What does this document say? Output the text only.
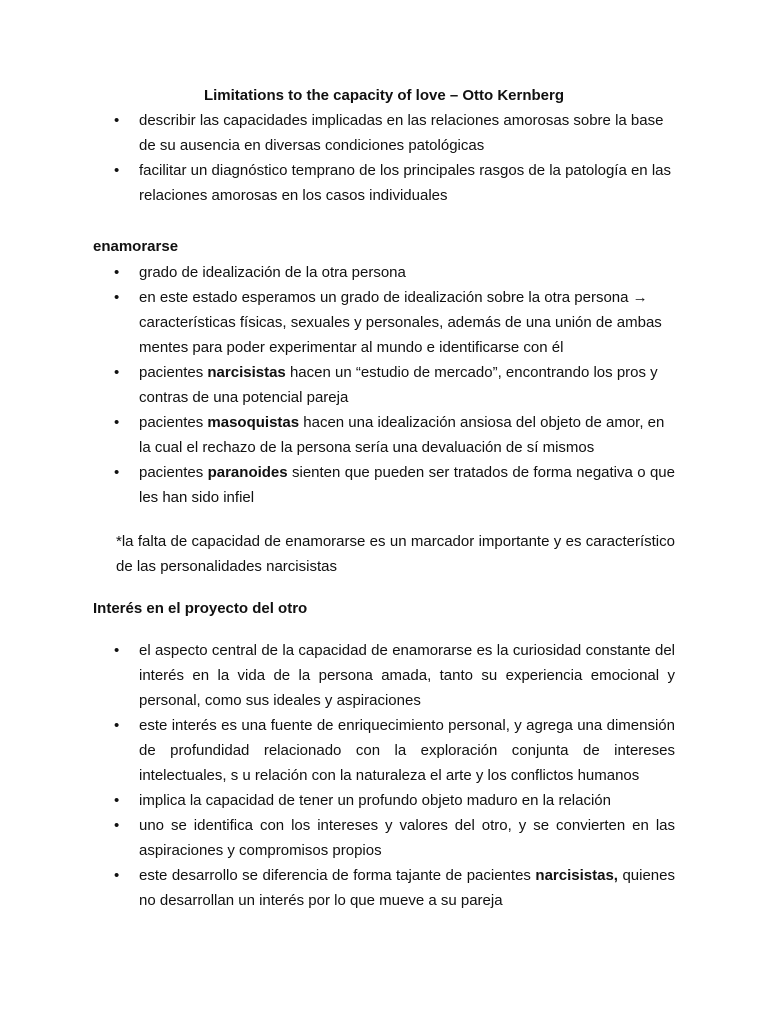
Limitations to the capacity of love – Otto Kernberg
• describir las capacidades implicadas en las relaciones amorosas sobre la base de su ausencia en diversas condiciones patológicas
• facilitar un diagnóstico temprano de los principales rasgos de la patología en las relaciones amorosas en los casos individuales
enamorarse
• grado de idealización de la otra persona
• en este estado esperamos un grado de idealización sobre la otra persona → características físicas, sexuales y personales, además de una unión de ambas mentes para poder experimentar al mundo e identificarse con él
• pacientes narcisistas hacen un “estudio de mercado”, encontrando los pros y contras de una potencial pareja
• pacientes masoquistas hacen una idealización ansiosa del objeto de amor, en la cual el rechazo de la persona sería una devaluación de sí mismos
• pacientes paranoides sienten que pueden ser tratados de forma negativa o que les han sido infiel
*la falta de capacidad de enamorarse es un marcador importante y es característico de las personalidades narcisistas
Interés en el proyecto del otro
• el aspecto central de la capacidad de enamorarse es la curiosidad constante del interés en la vida de la persona amada, tanto su experiencia emocional y personal, como sus ideales y aspiraciones
• este interés es una fuente de enriquecimiento personal, y agrega una dimensión de profundidad relacionado con la exploración conjunta de intereses intelectuales, s u relación con la naturaleza el arte y los conflictos humanos
• implica la capacidad de tener un profundo objeto maduro en la relación
• uno se identifica con los intereses y valores del otro, y se convierten en las aspiraciones y compromisos propios
• este desarrollo se diferencia de forma tajante de pacientes narcisistas, quienes no desarrollan un interés por lo que mueve a su pareja
